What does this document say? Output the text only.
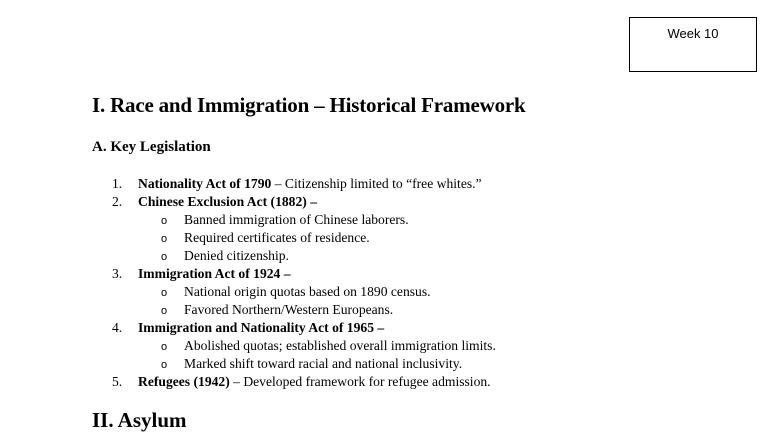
Week 10
I. Race and Immigration – Historical Framework
A. Key Legislation
1. Nationality Act of 1790 – Citizenship limited to “free whites.”
2. Chinese Exclusion Act (1882) –
o Banned immigration of Chinese laborers.
o Required certificates of residence.
o Denied citizenship.
3. Immigration Act of 1924 –
o National origin quotas based on 1890 census.
o Favored Northern/Western Europeans.
4. Immigration and Nationality Act of 1965 –
o Abolished quotas; established overall immigration limits.
o Marked shift toward racial and national inclusivity.
5. Refugees (1942) – Developed framework for refugee admission.
II. Asylum
